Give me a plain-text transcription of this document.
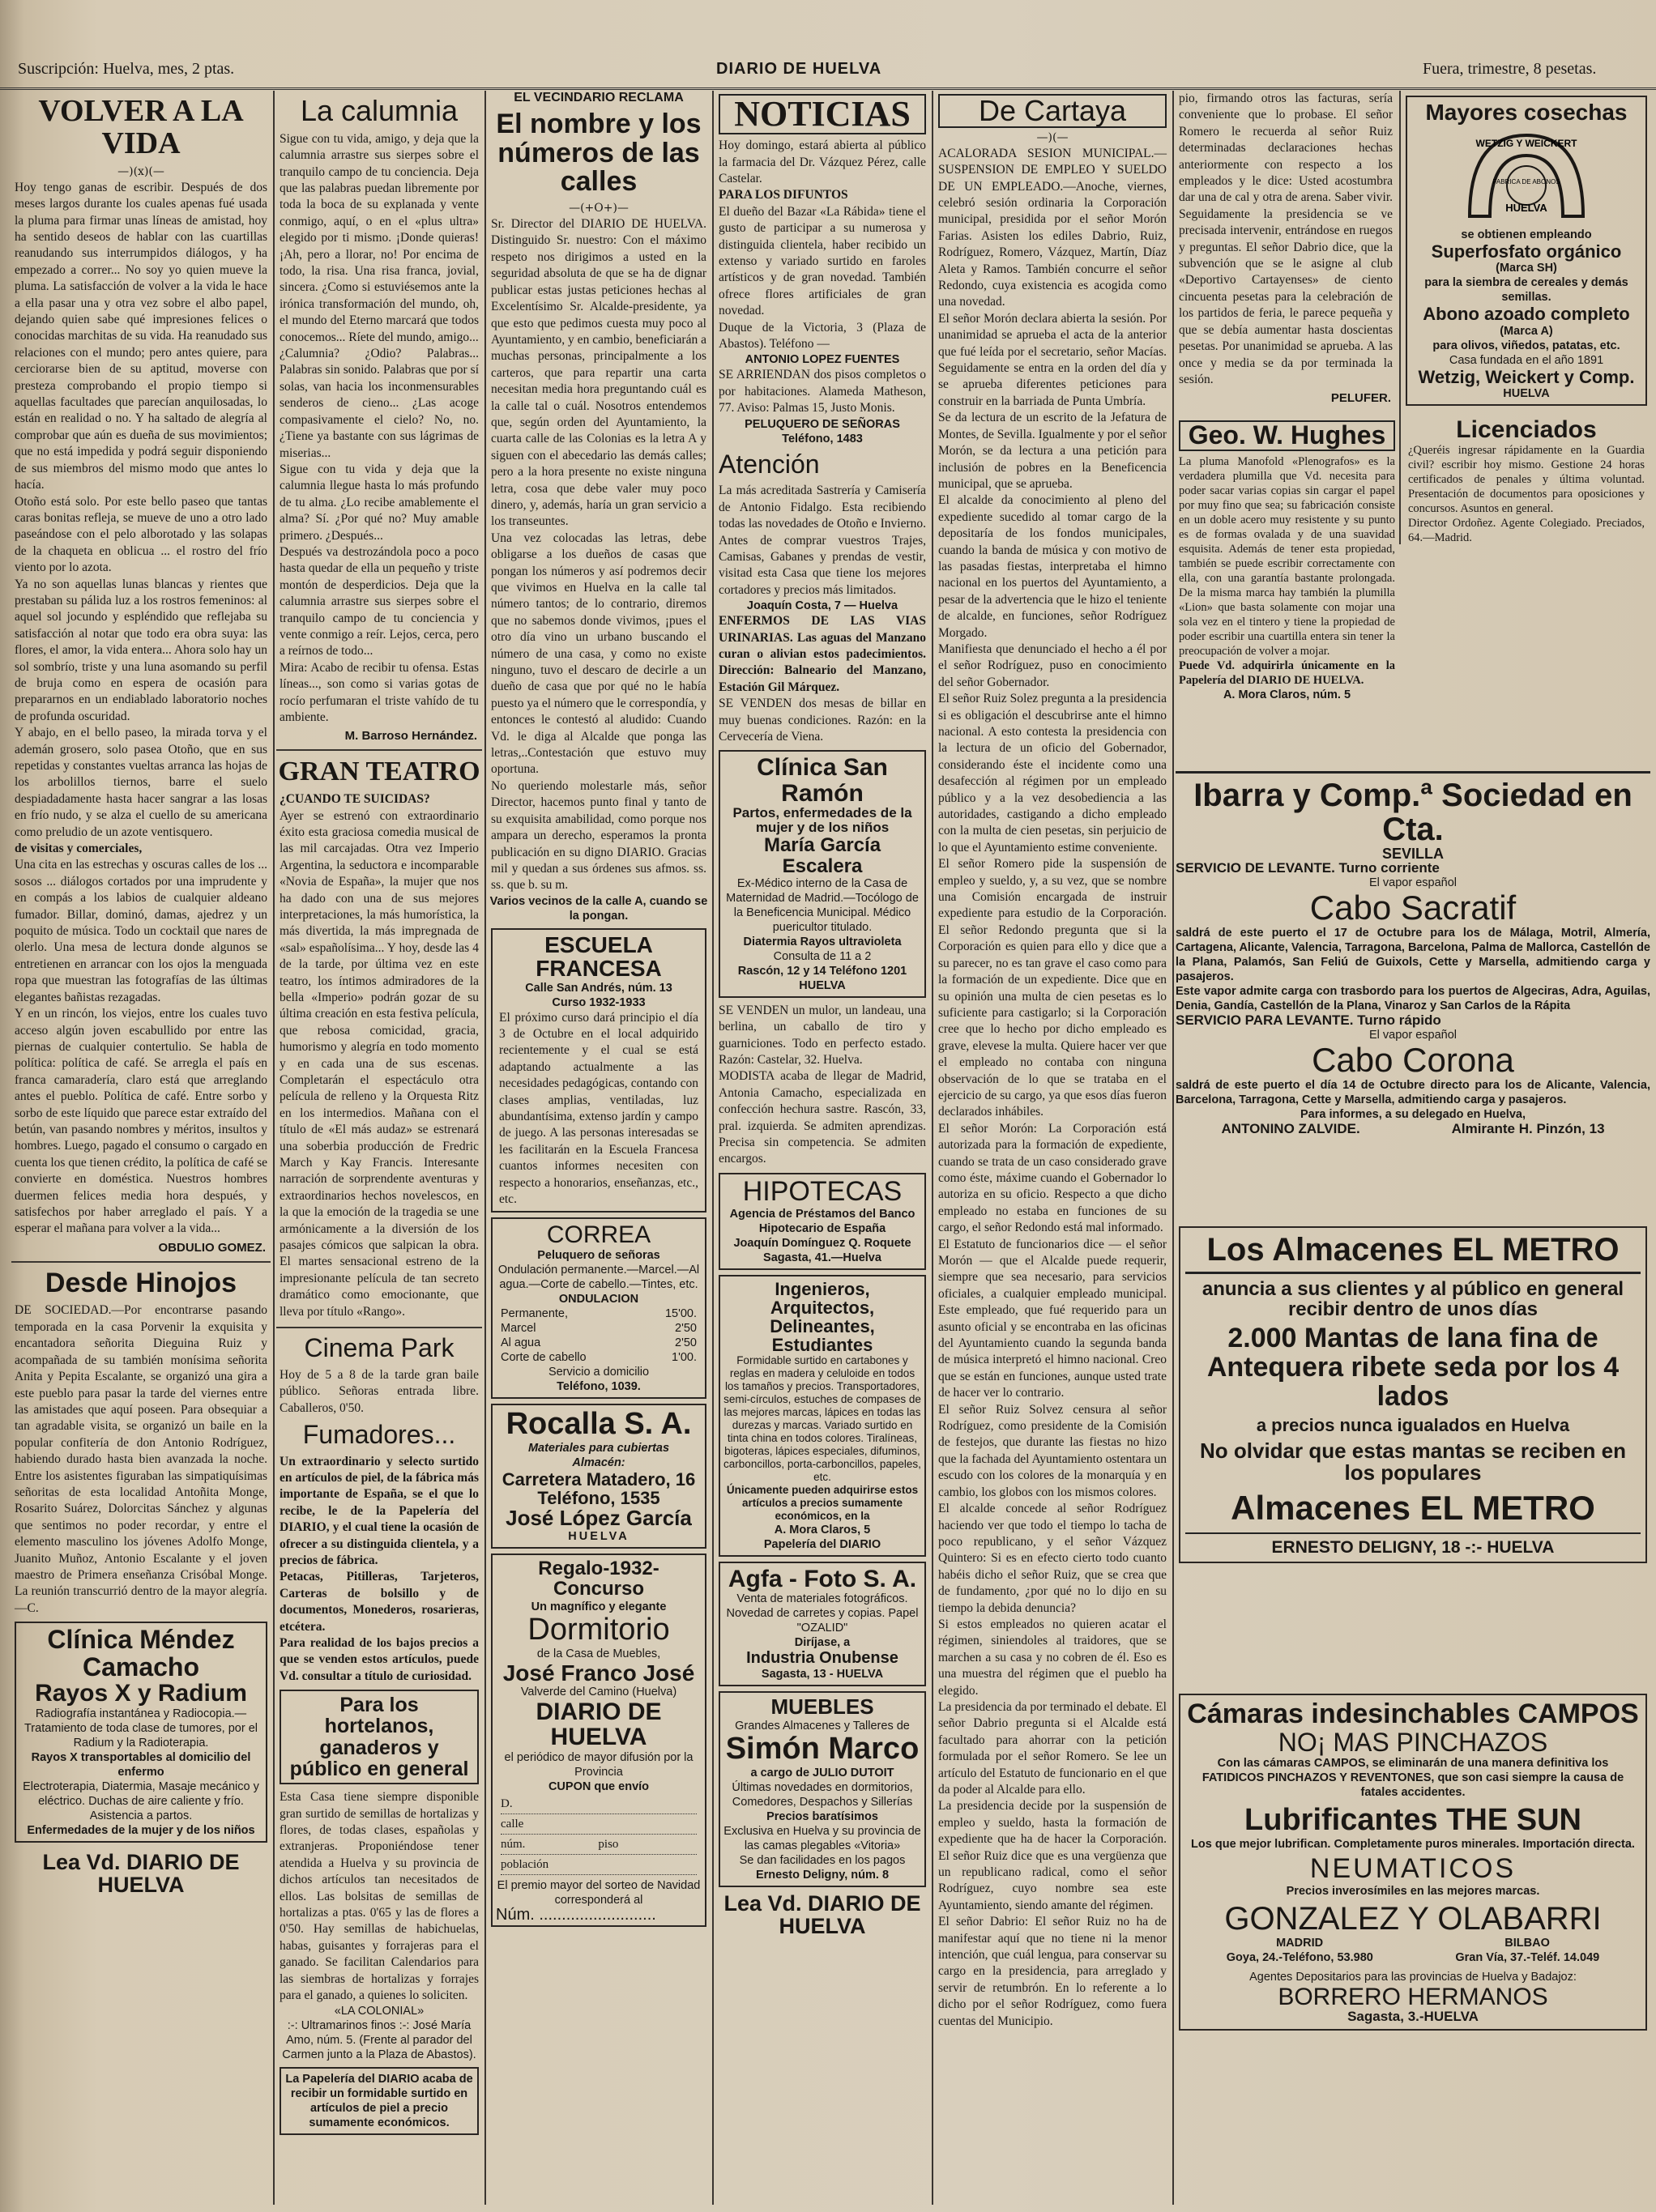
Suscripción: Huelva, mes, 2 ptas.	DIARIO DE HUELVA	Fuera, trimestre, 8 pesetas.
VOLVER A LA VIDA
—)(x)(—

Hoy tengo ganas de escribir. Después de dos meses largos durante los cuales apenas fué usada la pluma para firmar unas líneas de amistad, hoy ha sentido deseos de hablar con las cuartillas reanudando sus interrumpidos diálogos, y ha empezado a correr... No soy yo quien mueve la pluma. La satisfacción de volver a la vida le hace a ella pasar una y otra vez sobre el albo papel, dejando quien sabe qué impresiones felices o conocidas marchitas de su vida. Ha reanudado sus relaciones con el mundo; pero antes quiere, para cerciorarse bien de su aptitud, moverse con presteza comprobando el propio tiempo si aquellas facultades que parecían anquilosadas, lo están en realidad o no. Y ha saltado de alegría al comprobar que aún es dueña de sus movimientos; que no está impedida y podrá seguir disponiendo de sus miembros del mismo modo que antes lo hacía.

Otoño está solo. Por este bello paseo que tantas caras bonitas refleja, se mueve de uno a otro lado paseándose con el pelo alborotado y las solapas de la chaqueta en oblicua ... el rostro del frío viento por lo azota.

Ya no son aquellas lunas blancas y rientes que prestaban su pálida luz a los rostros femeninos: al aquel sol jocundo y espléndido que reflejaba su satisfacción al notar que todo era obra suya: las flores, el amor, la vida entera... Ahora solo hay un sol sombrío, triste y una luna asomando su perfil de bruja como en espera de ocasión para prepararnos en un endiablado laboratorio noches de profunda oscuridad.

Y abajo, en el bello paseo, la mirada torva y el ademán grosero, solo pasea Otoño, que en sus repetidas y constantes vueltas arranca las hojas de los arbolillos tiernos, barre el suelo despiadadamente hasta hacer sangrar a las losas en frío nudo, y se alza el cuello de su americana como preludio de un azote ventisquero.

de visitas y comerciales,

Una cita en las estrechas y oscuras calles de los ... sosos ... diálogos cortados por una imprudente y en compás a los labios de cualquier aldeano fumador. Billar, dominó, damas, ajedrez y un poquito de música. Todo un cocktail que nares de olerlo. Una mesa de lectura donde algunos se entretienen en arrancar con los ojos la menguada ropa que muestran las fotografías de las últimas elegantes bañistas rezagadas.

Y en un rincón, los viejos, entre los cuales tuvo acceso algún joven escabullido por entre las piernas de cualquier contertulio. Se habla de política: política de café. Se arregla el país en franca camaradería, claro está que arreglando antes el pueblo. Política de café. Entre sorbo y sorbo de este líquido que parece estar extraído del betún, van pasando nombres y méritos, insultos y hombres. Luego, pagado el consumo o cargado en cuenta los que tienen crédito, la política de café se convierte en doméstica. Nuestros hombres duermen felices media hora después, y satisfechos por haber arreglado el país. Y a esperar el mañana para volver a la vida...

OBDULIO GOMEZ.
Desde Hinojos

DE SOCIEDAD.—Por encontrarse pasando temporada en la casa Porvenir la exquisita y encantadora señorita Dieguina Ruiz y acompañada de su también monísima señorita Anita y Pepita Escalante, se organizó una gira a este pueblo para pasar la tarde del viernes entre las amistades que aquí poseen. Para obsequiar a tan agradable visita, se organizó un baile en la popular confitería de don Antonio Rodríguez, habiendo durado hasta bien avanzada la noche. Entre los asistentes figuraban las simpatiquísimas señoritas de esta localidad Antoñita Monge, Rosarito Suárez, Dolorcitas Sánchez y algunas que sentimos no poder recordar, y entre el elemento masculino los jóvenes Adolfo Monge, Juanito Muñoz, Antonio Escalante y el joven maestro de Primera enseñanza Crisóbal Monge. La reunión transcurrió dentro de la mayor alegría.—C.

Clínica Méndez Camacho
Rayos X y Radium
Radiografía instantánea y Radiocopia.—Tratamiento de toda clase de tumores, por el Radium y la Radioterapia.
Rayos X transportables al domicilio del enfermo
Electroterapia, Diatermia, Masaje mecánico y eléctrico. Duchas de aire caliente y frío. Asistencia a partos.
Enfermedades de la mujer y de los niños
Lea Vd. DIARIO DE HUELVA
La calumnia

Sigue con tu vida, amigo, y deja que la calumnia arrastre sus sierpes sobre el tranquilo campo de tu conciencia. Deja que las palabras puedan libremente por toda la boca de su explanada y vente conmigo, aquí, o en el «plus ultra» elegido por ti mismo. ¡Donde quieras! ¡Ah, pero a llorar, no! Por encima de todo, la risa. Una risa franca, jovial, sincera. ¿Como si estuviésemos ante la irónica transformación del mundo, oh, el mundo del Eterno marcará que todos conocemos... Ríete del mundo, amigo...

¿Calumnia? ¿Odio? Palabras... Palabras sin sonido. Palabras que por sí solas, van hacia los inconmensurables senderos de cieno... ¿Las acoge compasivamente el cielo? No, no. ¿Tiene ya bastante con sus lágrimas de miserias...

Sigue con tu vida y deja que la calumnia llegue hasta lo más profundo de tu alma. ¿Lo recibe amablemente el alma? Sí. ¿Por qué no? Muy amable primero. ¿Después...

Después va destrozándola poco a poco hasta quedar de ella un pequeño y triste montón de desperdicios. Deja que la calumnia arrastre sus sierpes sobre el tranquilo campo de tu conciencia y vente conmigo a reír. Lejos, cerca, pero a reírnos de todo...

Mira: Acabo de recibir tu ofensa. Estas líneas..., son como si varias gotas de rocío perfumaran el triste vahído de tu ambiente.

M. Barroso Hernández.
GRAN TEATRO
¿CUANDO TE SUICIDAS?

Ayer se estrenó con extraordinario éxito esta graciosa comedia musical de las mil carcajadas. Otra vez Imperio Argentina, la seductora e incomparable «Novia de España», la mujer que nos ha dado con una de sus mejores interpretaciones, la más humorística, la más divertida, la más impregnada de «sal» españolísima... Y hoy, desde las 4 de la tarde, por última vez en este teatro, los íntimos admiradores de la bella «Imperio» podrán gozar de su última creación en esta festiva película, que rebosa comicidad, gracia, humorismo y alegría en todo momento y en cada una de sus escenas. Completarán el espectáculo otra película de relleno y la Orquesta Ritz en los intermedios. Mañana con el título de «El más audaz» se estrenará una soberbia producción de Fredric March y Kay Francis. Interesante narración de sorprendente aventuras y extraordinarios hechos novelescos, en la que la emoción de la tragedia se une armónicamente a la diversión de los pasajes cómicos que salpican la obra. El martes sensacional estreno de la impresionante película de tan secreto dramático como emocionante, que lleva por título «Rango».

Cinema Park

Hoy de 5 a 8 de la tarde gran baile público. Señoras entrada libre. Caballeros, 0'50.

Fumadores...

Un extraordinario y selecto surtido en artículos de piel, de la fábrica más importante de España, se el que lo recibe, le de la Papelería del DIARIO, y el cual tiene la ocasión de ofrecer a su distinguida clientela, y a precios de fábrica.

Petacas, Pitilleras, Tarjeteros, Carteras de bolsillo y de documentos, Monederos, rosarieras, etcétera.

Para realidad de los bajos precios a que se venden estos artículos, puede Vd. consultar a título de curiosidad.

Para los hortelanos, ganaderos y público en general

Esta Casa tiene siempre disponible gran surtido de semillas de hortalizas y flores, de todas clases, españolas y extranjeras. Proponiéndose tener atendida a Huelva y su provincia de dichos artículos tan necesitados de ellos. Las bolsitas de semillas de hortalizas a ptas. 0'65 y las de flores a 0'50. Hay semillas de habichuelas, habas, guisantes y forrajeras para el ganado. Se facilitan Calendarios para las siembras de hortalizas y forrajes para el ganado, a quienes lo soliciten.

«LA COLONIAL»
:-: Ultramarinos finos :-: José María Amo, núm. 5. (Frente al parador del Carmen junto a la Plaza de Abastos).
La Papelería del DIARIO acaba de recibir un formidable surtido en artículos de piel a precio sumamente económicos.
EL VECINDARIO RECLAMA
El nombre y los números de las calles
—(+O+)—

Sr. Director del DIARIO DE HUELVA. Distinguido Sr. nuestro: Con el máximo respeto nos dirigimos a usted en la seguridad absoluta de que se ha de dignar publicar estas justas peticiones hechas al Excelentísimo Sr. Alcalde-presidente, ya que esto que pedimos cuesta muy poco al Ayuntamiento, y en cambio, beneficiarán a muchas personas, principalmente a los carteros, que para repartir una carta necesitan media hora preguntando cuál es la calle tal o cuál. Nosotros entendemos que, según orden del Ayuntamiento, la cuarta calle de las Colonias es la letra A y siguen con el abecedario las demás calles; pero a la hora presente no existe ninguna letra, cosa que debe valer muy poco dinero, y, además, haría un gran servicio a los transeuntes.

Una vez colocadas las letras, debe obligarse a los dueños de casas que pongan los números y así podremos decir que vivimos en Huelva en la calle tal número tantos; de lo contrario, diremos que no sabemos donde vivimos, ¡pues el otro día vino un urbano buscando el número de una casa, y como no existe ninguno, tuvo el descaro de decirle a un dueño de casa que por qué no le había puesto ya el número que le correspondía, y entonces le contestó al aludido: Cuando Vd. le diga al Alcalde que ponga las letras,..Contestación que estuvo muy oportuna.

No queriendo molestarle más, señor Director, hacemos punto final y tanto de su exquisita amabilidad, como porque nos ampara un derecho, esperamos la pronta publicación en su digno DIARIO. Gracias mil y quedan a sus órdenes sus afmos. ss. ss. que b. su m.

Varios vecinos de la calle A, cuando se la pongan.
ESCUELA FRANCESA
Calle San Andrés, núm. 13
Curso 1932-1933

El próximo curso dará principio el día 3 de Octubre en el local adquirido recientemente y el cual se está adaptando actualmente a las necesidades pedagógicas, contando con clases amplias, ventiladas, luz abundantísima, extenso jardín y campo de juego. A las personas interesadas se les facilitarán en la Escuela Francesa cuantos informes necesiten con respecto a honorarios, enseñanzas, etc., etc.

CORREA
Peluquero de señoras
Ondulación permanente.—Marcel.—Al agua.—Corte de cabello.—Tintes, etc.
ONDULACION
Permanente,	15'00.
Marcel	2'50
Al agua	2'50
Corte de cabello	1'00.
Servicio a domicilio
Teléfono, 1039.
Rocalla S. A.
Materiales para cubiertas
Almacén:
Carretera Matadero, 16
Teléfono, 1535
José López García
HUELVA
Regalo-1932-Concurso
Un magnífico y elegante
Dormitorio
de la Casa de Muebles,
José Franco José
Valverde del Camino (Huelva)
DIARIO DE HUELVA
el periódico de mayor difusión por la Provincia
CUPON que envío
D.
calle
núm.	piso
población
El premio mayor del sorteo de Navidad corresponderá al
Núm. ..........................
NOTICIAS

Hoy domingo, estará abierta al público la farmacia del Dr. Vázquez Pérez, calle Castelar.

PARA LOS DIFUNTOS

El dueño del Bazar «La Rábida» tiene el gusto de participar a su numerosa y distinguida clientela, haber recibido un extenso y variado surtido en faroles artísticos y de gran novedad. También ofrece flores artificiales de gran novedad.

Duque de la Victoria, 3 (Plaza de Abastos). Teléfono —

ANTONIO LOPEZ FUENTES

SE ARRIENDAN dos pisos completos o por habitaciones. Alameda Matheson, 77. Aviso: Palmas 15, Justo Monis.

PELUQUERO DE SEÑORAS
Teléfono, 1483
Atención

La más acreditada Sastrería y Camisería de Antonio Fidalgo. Esta recibiendo todas las novedades de Otoño e Invierno. Antes de comprar vuestros Trajes, Camisas, Gabanes y prendas de vestir, visitad esta Casa que tiene los mejores cortadores y precios más limitados.

Joaquín Costa, 7 — Huelva

ENFERMOS DE LAS VIAS URINARIAS. Las aguas del Manzano curan o alivian estos padecimientos. Dirección: Balneario del Manzano, Estación Gil Márquez.

SE VENDEN dos mesas de billar en muy buenas condiciones. Razón: en la Cervecería de Viena.

Clínica San Ramón
Partos, enfermedades de la mujer y de los niños
María García Escalera
Ex-Médico interno de la Casa de Maternidad de Madrid.—Tocólogo de la Beneficencia Municipal. Médico puericultor titulado.
Diatermia Rayos ultravioleta
Consulta de 11 a 2
Rascón, 12 y 14 Teléfono 1201
HUELVA

SE VENDEN un mulor, un landeau, una berlina, un caballo de tiro y guarniciones. Todo en perfecto estado. Razón: Castelar, 32. Huelva.

MODISTA acaba de llegar de Madrid, Antonia Camacho, especializada en confección hechura sastre. Rascón, 33, pral. izquierda. Se admiten aprendizas. Precisa sin competencia. Se admiten encargos.

HIPOTECAS
Agencia de Préstamos del Banco Hipotecario de España
Joaquín Domínguez Q. Roquete
Sagasta, 41.—Huelva
Ingenieros, Arquitectos, Delineantes, Estudiantes
Formidable surtido en cartabones y reglas en madera y celuloide en todos los tamaños y precios. Transportadores, semi-círculos, estuches de compases de las mejores marcas, lápices en todas las durezas y marcas. Variado surtido en tinta china en todos colores. Tiralíneas, bigoteras, lápices especiales, difuminos, carboncillos, porta-carboncillos, papeles, etc.
Únicamente pueden adquirirse estos artículos a precios sumamente económicos, en la
A. Mora Claros, 5
Papelería del DIARIO
Agfa - Foto S. A.
Venta de materiales fotográficos. Novedad de carretes y copias. Papel "OZALID"
Diríjase, a
Industria Onubense
Sagasta, 13 - HUELVA
MUEBLES
Grandes Almacenes y Talleres de
Simón Marco
a cargo de JULIO DUTOIT
Últimas novedades en dormitorios, Comedores, Despachos y Sillerías
Precios baratísimos
Exclusiva en Huelva y su provincia de las camas plegables «Vitoria»
Se dan facilidades en los pagos
Ernesto Deligny, núm. 8
Lea Vd. DIARIO DE HUELVA
De Cartaya
—)(—

ACALORADA SESION MUNICIPAL.—SUSPENSION DE EMPLEO Y SUELDO DE UN EMPLEADO.—Anoche, viernes, celebró sesión ordinaria la Corporación municipal, presidida por el señor Morón Farias. Asisten los ediles Dabrio, Ruiz, Rodríguez, Romero, Vázquez, Martín, Díaz Aleta y Ramos. También concurre el señor Redondo, cuya existencia es acogida como una novedad.

El señor Morón declara abierta la sesión. Por unanimidad se aprueba el acta de la anterior que fué leída por el secretario, señor Macías. Seguidamente se entra en la orden del día y se aprueba diferentes peticiones para construir en la barriada de Punta Umbría.

Se da lectura de un escrito de la Jefatura de Montes, de Sevilla. Igualmente y por el señor Morón, se da lectura a una petición para inclusión de pobres en la Beneficencia municipal, que se aprueba.

El alcalde da conocimiento al pleno del expediente sucedido al tomar cargo de la depositaría de los fondos municipales, cuando la banda de música y con motivo de las pasadas fiestas, interpretaba el himno nacional en los puertos del Ayuntamiento, a pesar de la advertencia que le hizo el teniente de alcalde, en funciones, señor Rodríguez Morgado.

Manifiesta que denunciado el hecho a él por el señor Rodríguez, puso en conocimiento del señor Gobernador.

El señor Ruiz Solez pregunta a la presidencia si es obligación el descubrirse ante el himno nacional. A esto contesta la presidencia con la lectura de un oficio del Gobernador, considerando éste el incidente como una desafección al régimen por un empleado público y a la vez desobediencia a las autoridades, castigando a dicho empleado con la multa de cien pesetas, sin perjuicio de lo que el Ayuntamiento estime conveniente.

El señor Romero pide la suspensión de empleo y sueldo, y, a su vez, que se nombre una Comisión encargada de instruir expediente para estudio de la Corporación. El señor Redondo pregunta que si la Corporación es quien para ello y dice que a su parecer, no es tan grave el caso como para la formación de un expediente. Dice que en su opinión una multa de cien pesetas es lo suficiente para castigarlo; si la Corporación cree que lo hecho por dicho empleado es grave, elevese la multa. Quiere hacer ver que el empleado no contaba con ninguna observación de lo que se trataba en el ejercicio de su cargo, ya que esos días fueron declarados inhábiles.

El señor Morón: La Corporación está autorizada para la formación de expediente, cuando se trata de un caso considerado grave como éste, máxime cuando el Gobernador lo autoriza en su oficio. Respecto a que dicho empleado no estaba en funciones de su cargo, el señor Redondo está mal informado.

El Estatuto de funcionarios dice — el señor Morón — que el Alcalde puede requerir, siempre que sea necesario, para servicios oficiales, a cualquier empleado municipal. Este empleado, que fué requerido para un asunto oficial y se encontraba en las oficinas del Ayuntamiento cuando la segunda banda de música interpretó el himno nacional. Creo que se están en funciones, aunque usted trate de hacer ver lo contrario.

El señor Ruiz Solvez censura al señor Rodríguez, como presidente de la Comisión de festejos, que durante las fiestas no hizo que la fachada del Ayuntamiento ostentara un escudo con los colores de la monarquía y en cambio, los globos con los mismos colores.

El alcalde concede al señor Rodríguez haciendo ver que todo el tiempo lo tacha de poco republicano, y el señor Vázquez Quintero: Si es en efecto cierto todo cuanto habéis dicho el señor Ruiz, que se crea que de fundamento, ¿por qué no lo dijo en su tiempo la debida denuncia?

Si estos empleados no quieren acatar el régimen, siniendoles al traidores, que se marchen a su casa y no cobren de él. Eso es una muestra del régimen que el pueblo ha elegido.

La presidencia da por terminado el debate. El señor Dabrio pregunta si el Alcalde está facultado para ahorrar con la petición formulada por el señor Romero. Se lee un artículo del Estatuto de funcionario en el que da poder al Alcalde para ello.

La presidencia decide por la suspensión de empleo y sueldo, hasta la formación de expediente que ha de hacer la Corporación. El señor Ruiz dice que es una vergüenza que un republicano radical, como el señor Rodríguez, cuyo nombre sea este Ayuntamiento, siendo amante del régimen.

El señor Dabrio: El señor Ruiz no ha de manifestar aquí que no tiene ni la menor intención, que cuál lengua, para conservar su cargo en la presidencia, para arreglado y servir de retumbrón. En lo referente a lo dicho por el señor Rodríguez, como fuera cuentas del Municipio.

pio, firmando otros las facturas, sería conveniente que lo probase. El señor Romero le recuerda al señor Ruiz determinadas declaraciones hechas anteriormente con respecto a los empleados y le dice: Usted acostumbra dar una de cal y otra de arena. Saber vivir. Seguidamente la presidencia se ve precisada intervenir, entrándose en ruegos y preguntas. El señor Dabrio dice, que la subvención que se le asigne al club «Deportivo Cartayenses» de ciento cincuenta pesetas para la celebración de los partidos de feria, le parece pequeña y que se debía aumentar hasta doscientas pesetas. Por unanimidad se aprueba. A las once y media se da por terminada la sesión.

PELUFER.
Mayores cosechas
WETZIG Y WEICKERT
FABRICA DE ABONOS
HUELVA
se obtienen empleando
Superfosfato orgánico
(Marca SH)
para la siembra de cereales y demás semillas.
Abono azoado completo
(Marca A)
para olivos, viñedos, patatas, etc.
Casa fundada en el año 1891
Wetzig, Weickert y Comp.
HUELVA
Geo. W. Hughes

La pluma Manofold «Plenografos» es la verdadera plumilla que Vd. necesita para poder sacar varias copias sin cargar el papel por muy fino que sea; su fabricación consiste en un doble acero muy resistente y su punto es de formas ovalada y de una suavidad esquisita. Además de tener esta propiedad, también se puede escribir correctamente con ella, con una garantía bastante prolongada. De la misma marca hay también la plumilla «Lion» que basta solamente con mojar una sola vez en el tintero y tiene la propiedad de poder escribir una cuartilla entera sin tener la preocupación de volver a mojar.

Puede Vd. adquirirla únicamente en la Papelería del DIARIO DE HUELVA.

A. Mora Claros, núm. 5
Licenciados

¿Queréis ingresar rápidamente en la Guardia civil? escribir hoy mismo. Gestione 24 horas certificados de penales y última voluntad. Presentación de documentos para oposiciones y concursos. Asuntos en general.

Director Ordoñez. Agente Colegiado. Preciados, 64.—Madrid.

Ibarra y Comp.ª Sociedad en Cta.
SEVILLA
SERVICIO DE LEVANTE. Turno corriente
El vapor español
Cabo Sacratif
saldrá de este puerto el 17 de Octubre para los de Málaga, Motril, Almería, Cartagena, Alicante, Valencia, Tarragona, Barcelona, Palma de Mallorca, Castellón de la Plana, Palamós, San Feliú de Guixols, Cette y Marsella, admitiendo carga y pasajeros.
Este vapor admite carga con trasbordo para los puertos de Algeciras, Adra, Aguilas, Denia, Gandía, Castellón de la Plana, Vinaroz y San Carlos de la Rápita
SERVICIO PARA LEVANTE. Turno rápido
El vapor español
Cabo Corona
saldrá de este puerto el día 14 de Octubre directo para los de Alicante, Valencia, Barcelona, Tarragona, Cette y Marsella, admitiendo carga y pasajeros.
Para informes, a su delegado en Huelva,
ANTONINO ZALVIDE.	Almirante H. Pinzón, 13
Los Almacenes EL METRO
anuncia a sus clientes y al público en general recibir dentro de unos días
2.000 Mantas de lana fina de Antequera ribete seda por los 4 lados
a precios nunca igualados en Huelva
No olvidar que estas mantas se reciben en los populares
Almacenes EL METRO
ERNESTO DELIGNY, 18 -:- HUELVA
Cámaras indesinchables CAMPOS
NO¡ MAS PINCHAZOS
Con las cámaras CAMPOS, se eliminarán de una manera definitiva los FATIDICOS PINCHAZOS Y REVENTONES, que son casi siempre la causa de fatales accidentes.
Lubrificantes THE SUN
Los que mejor lubrifican. Completamente puros minerales. Importación directa.
NEUMATICOS
Precios inverosímiles en las mejores marcas.
GONZALEZ Y OLABARRI
MADRID	BILBAO
Goya, 24.-Teléfono, 53.980	Gran Vía, 37.-Teléf. 14.049
Agentes Depositarios para las provincias de Huelva y Badajoz:
BORRERO HERMANOS
Sagasta, 3.-HUELVA
